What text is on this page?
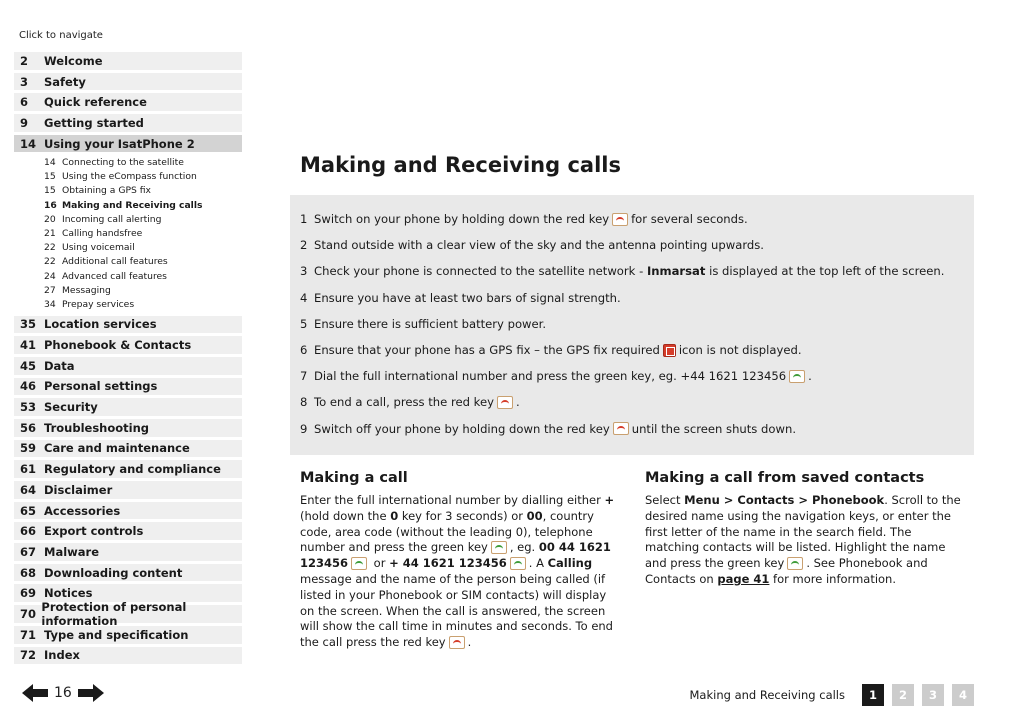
Click to navigate
2	Welcome
3	Safety
6	Quick reference
9	Getting started
14 Using your IsatPhone 2
14 Connecting to the satellite
15 Using the eCompass function
15 Obtaining a GPS fix
16 Making and Receiving calls
20 Incoming call alerting
21 Calling handsfree
22 Using voicemail
22 Additional call features
24 Advanced call features
27 Messaging
34 Prepay services
35 Location services
41 Phonebook & Contacts
45 Data
46 Personal settings
53 Security
56 Troubleshooting
59 Care and maintenance
61 Regulatory and compliance
64 Disclaimer
65 Accessories
66 Export controls
67 Malware
68 Downloading content
69 Notices
70 Protection of personal information
71 Type and specification
72 Index
16
Making and Receiving calls
1 Switch on your phone by holding down the red key for several seconds.
2 Stand outside with a clear view of the sky and the antenna pointing upwards.
3 Check your phone is connected to the satellite network - Inmarsat is displayed at the top left of the screen.
4 Ensure you have at least two bars of signal strength.
5 Ensure there is sufficient battery power.
6 Ensure that your phone has a GPS fix – the GPS fix required icon is not displayed.
7 Dial the full international number and press the green key, eg. +44 1621 123456 .
8 To end a call, press the red key .
9 Switch off your phone by holding down the red key until the screen shuts down.
Making a call

Enter the full international number by dialling either + (hold down the 0 key for 3 seconds) or 00, country code, area code (without the leading 0), telephone number and press the green key , eg. 00 44 1621 123456 or + 44 1621 123456 . A Calling message and the name of the person being called (if listed in your Phonebook or SIM contacts) will display on the screen. When the call is answered, the screen will show the call time in minutes and seconds. To end the call press the red key .

Making a call from saved contacts

Select Menu > Contacts > Phonebook. Scroll to the desired name using the navigation keys, or enter the first letter of the name in the search field. The matching contacts will be listed. Highlight the name and press the green key . See Phonebook and Contacts on page 41 for more information.

Making and Receiving calls	1	2	3	4
